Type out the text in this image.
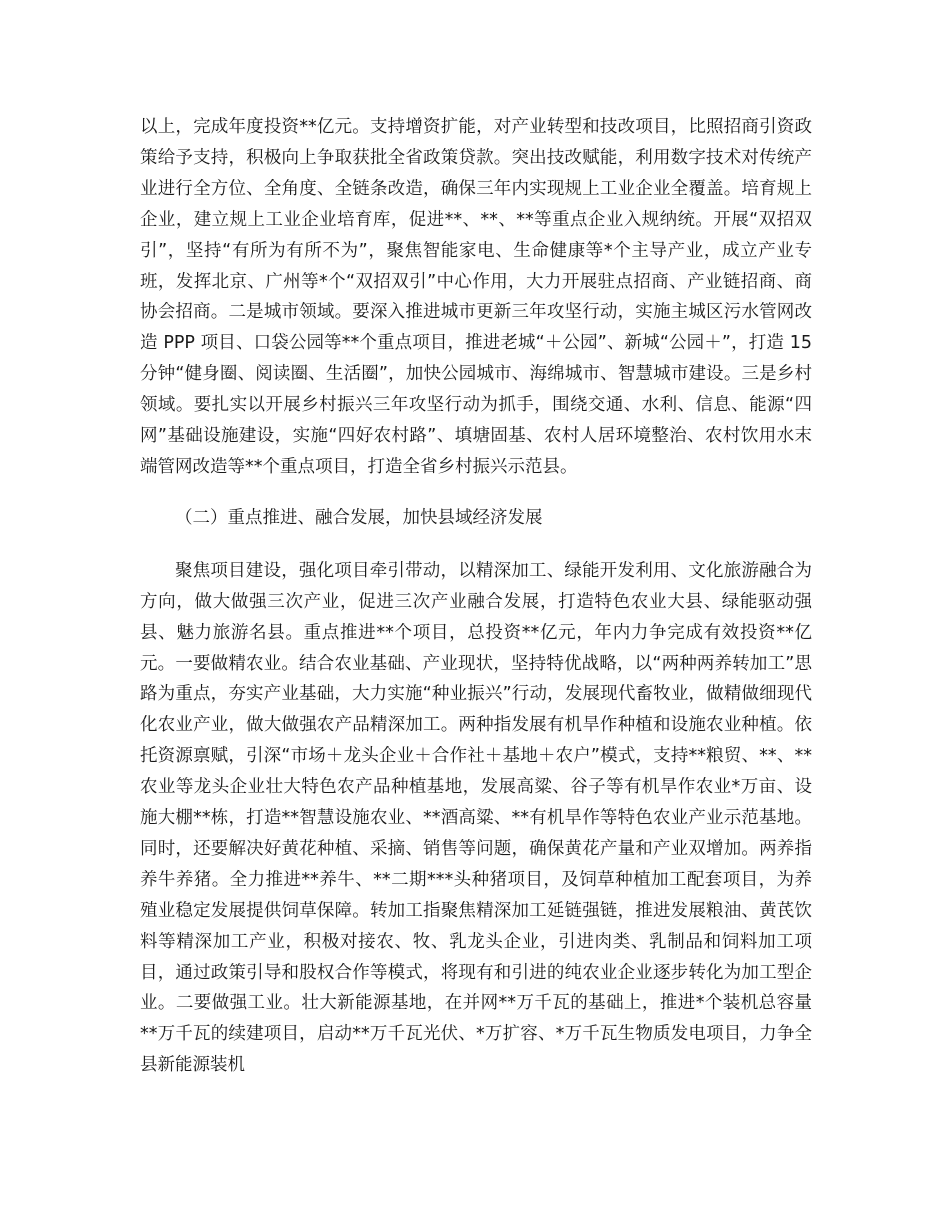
以上，完成年度投资**亿元。支持增资扩能，对产业转型和技改项目，比照招商引资政策给予支持，积极向上争取获批全省政策贷款。突出技改赋能，利用数字技术对传统产业进行全方位、全角度、全链条改造，确保三年内实现规上工业企业全覆盖。培育规上企业，建立规上工业企业培育库，促进**、**、**等重点企业入规纳统。开展“双招双引”，坚持“有所为有所不为”，聚焦智能家电、生命健康等*个主导产业，成立产业专班，发挥北京、广州等*个“双招双引”中心作用，大力开展驻点招商、产业链招商、商协会招商。二是城市领域。要深入推进城市更新三年攻坚行动，实施主城区污水管网改造 PPP 项目、口袋公园等**个重点项目，推进老城“＋公园”、新城“公园＋”，打造 15 分钟“健身圈、阅读圈、生活圈”，加快公园城市、海绵城市、智慧城市建设。三是乡村领域。要扎实以开展乡村振兴三年攻坚行动为抓手，围绕交通、水利、信息、能源“四网”基础设施建设，实施“四好农村路”、填塘固基、农村人居环境整治、农村饮用水末端管网改造等**个重点项目，打造全省乡村振兴示范县。

（二）重点推进、融合发展，加快县域经济发展

聚焦项目建设，强化项目牵引带动，以精深加工、绿能开发利用、文化旅游融合为方向，做大做强三次产业，促进三次产业融合发展，打造特色农业大县、绿能驱动强县、魅力旅游名县。重点推进**个项目，总投资**亿元，年内力争完成有效投资**亿元。一要做精农业。结合农业基础、产业现状，坚持特优战略，以“两种两养转加工”思路为重点，夯实产业基础，大力实施“种业振兴”行动，发展现代畜牧业，做精做细现代化农业产业，做大做强农产品精深加工。两种指发展有机旱作种植和设施农业种植。依托资源禀赋，引深“市场＋龙头企业＋合作社＋基地＋农户”模式，支持**粮贸、**、**农业等龙头企业壮大特色农产品种植基地，发展高粱、谷子等有机旱作农业*万亩、设施大棚**栋，打造**智慧设施农业、**酒高粱、**有机旱作等特色农业产业示范基地。同时，还要解决好黄花种植、采摘、销售等问题，确保黄花产量和产业双增加。两养指养牛养猪。全力推进**养牛、**二期***头种猪项目，及饲草种植加工配套项目，为养殖业稳定发展提供饲草保障。转加工指聚焦精深加工延链强链，推进发展粮油、黄芪饮料等精深加工产业，积极对接农、牧、乳龙头企业，引进肉类、乳制品和饲料加工项目，通过政策引导和股权合作等模式，将现有和引进的纯农业企业逐步转化为加工型企业。二要做强工业。壮大新能源基地，在并网**万千瓦的基础上，推进*个装机总容量**万千瓦的续建项目，启动**万千瓦光伏、*万扩容、*万千瓦生物质发电项目，力争全县新能源装机
